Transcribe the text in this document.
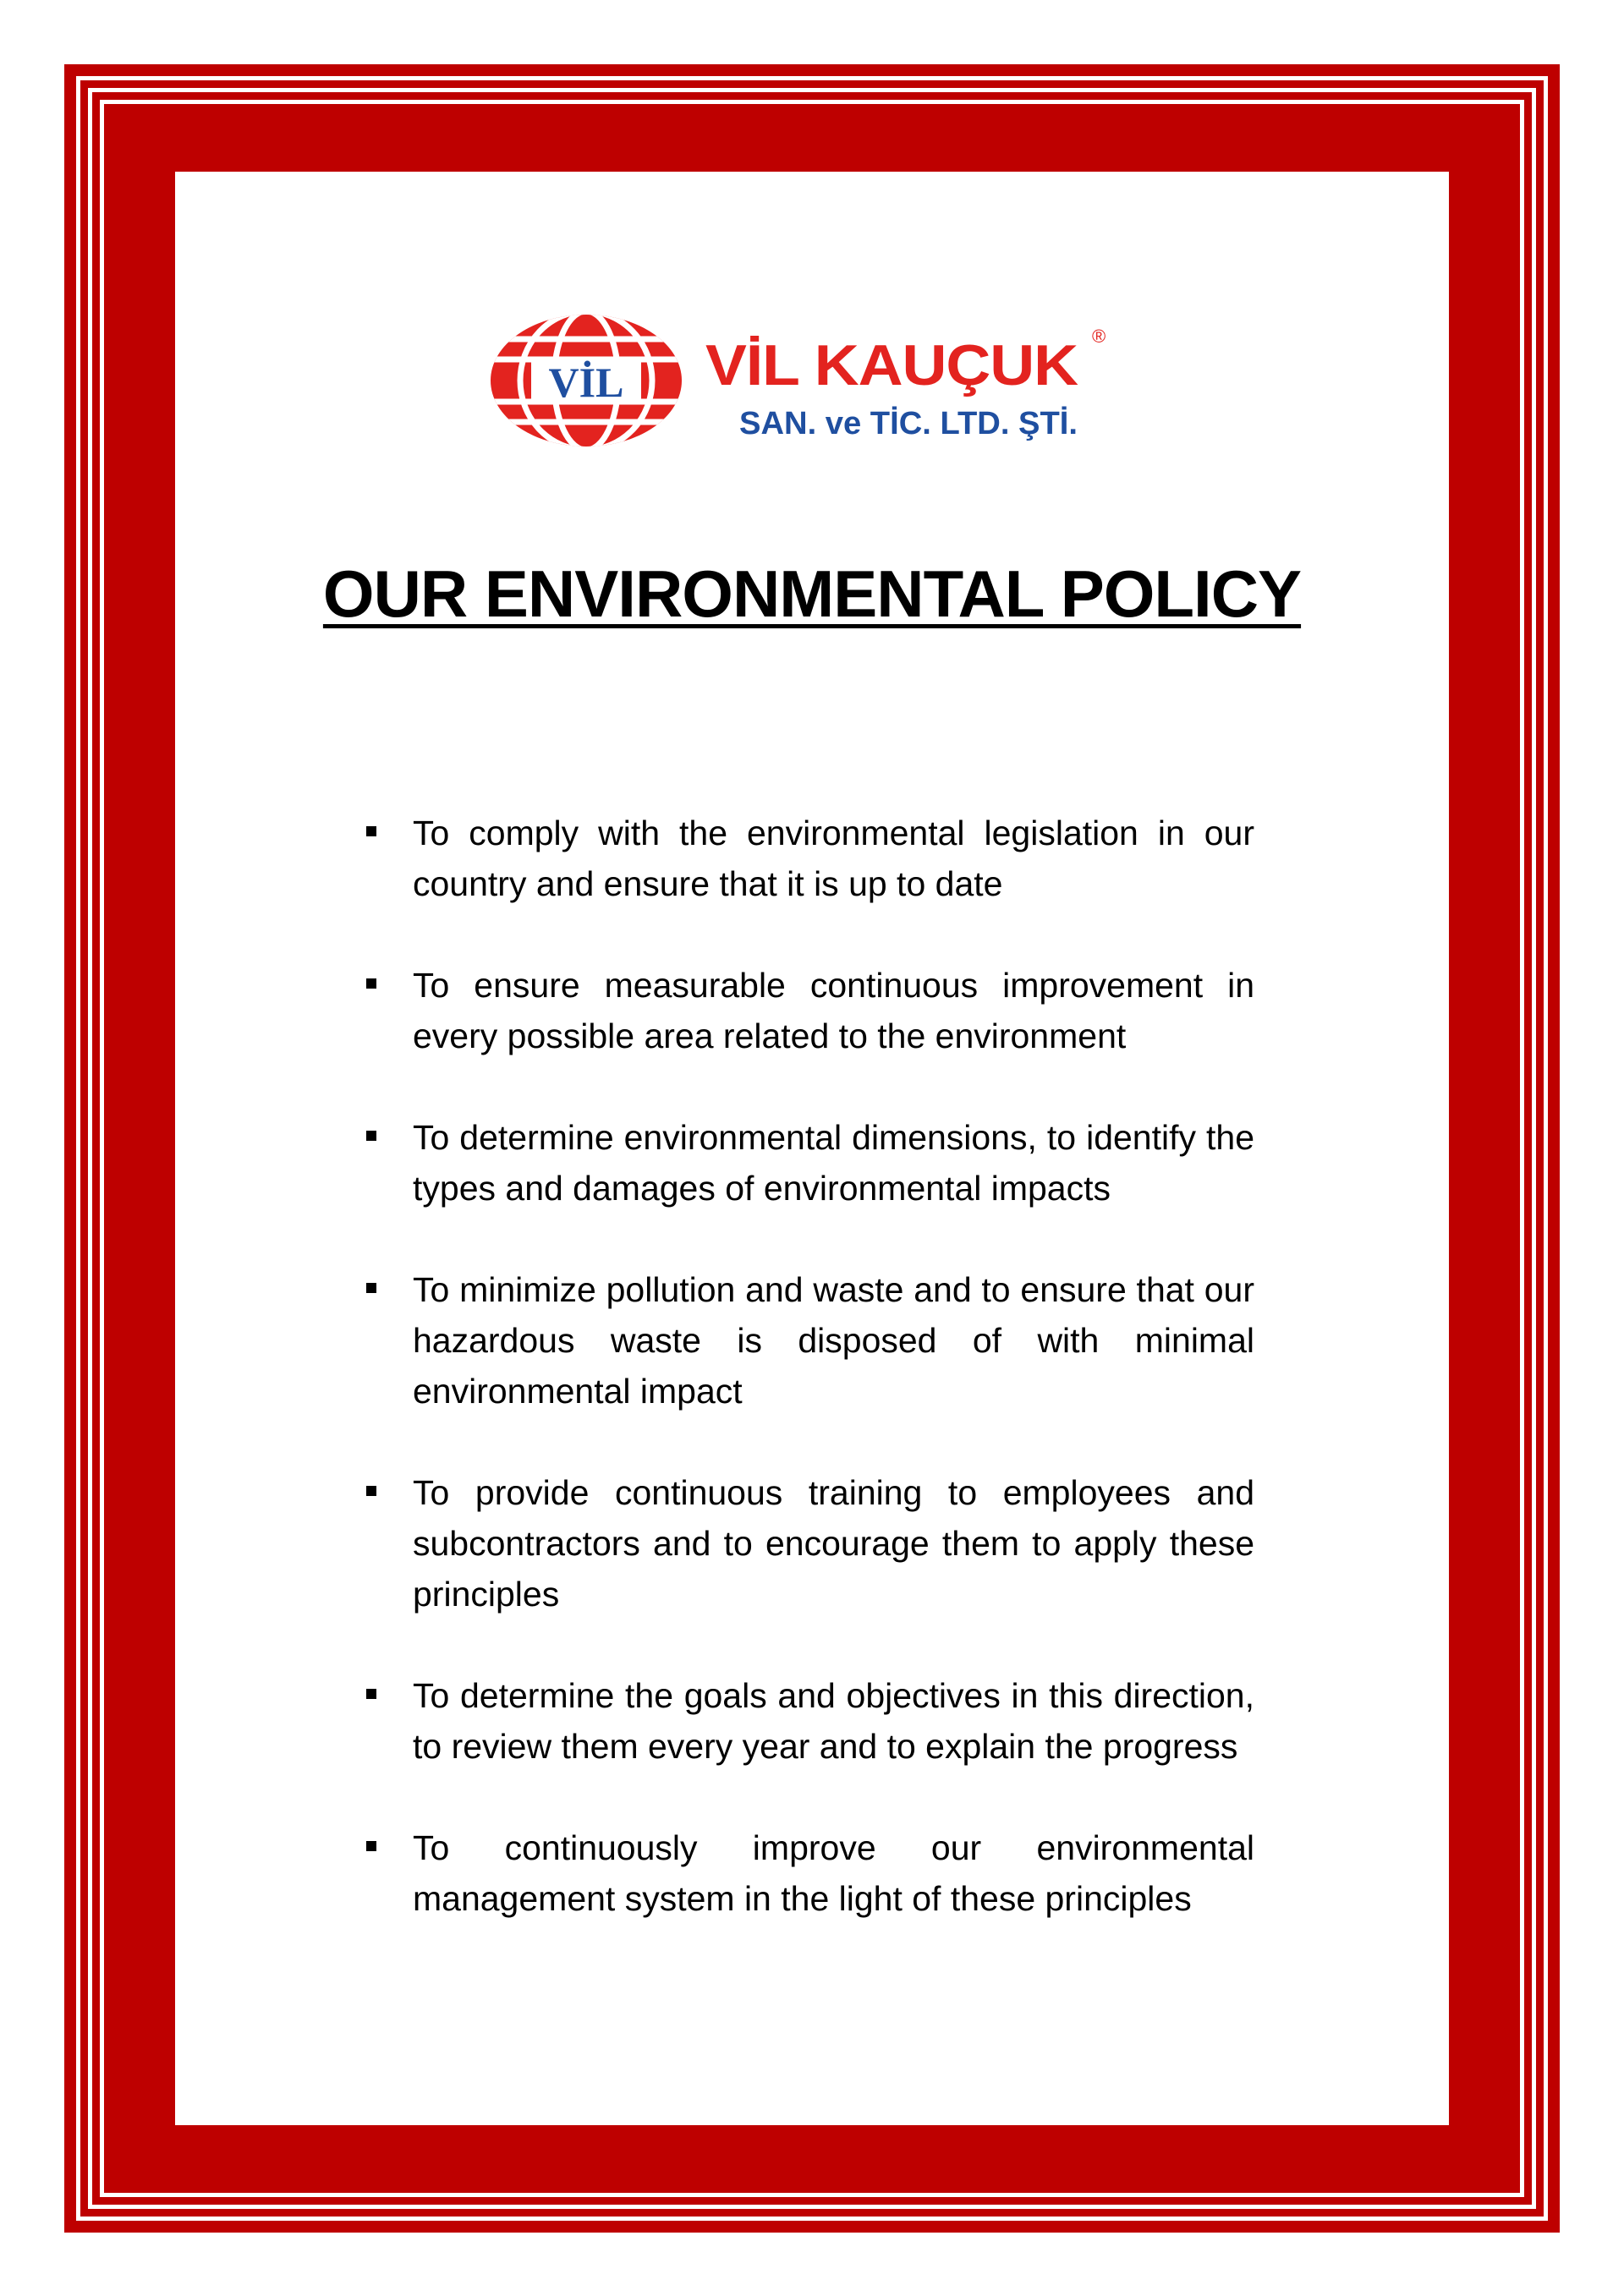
VİL VİL KAUÇUK ®
SAN. ve TİC. LTD. ŞTİ.
OUR ENVIRONMENTAL POLICY
To comply with the environmental legislation in our country and ensure that it is up to date
To ensure measurable continuous improvement in every possible area related to the environment
To determine environmental dimensions, to identify the types and damages of environmental impacts
To minimize pollution and waste and to ensure that our hazardous waste is disposed of with minimal environmental impact
To provide continuous training to employees and subcontractors and to encourage them to apply these principles
To determine the goals and objectives in this direction, to review them every year and to explain the progress
To continuously improve our environmental management system in the light of these principles
